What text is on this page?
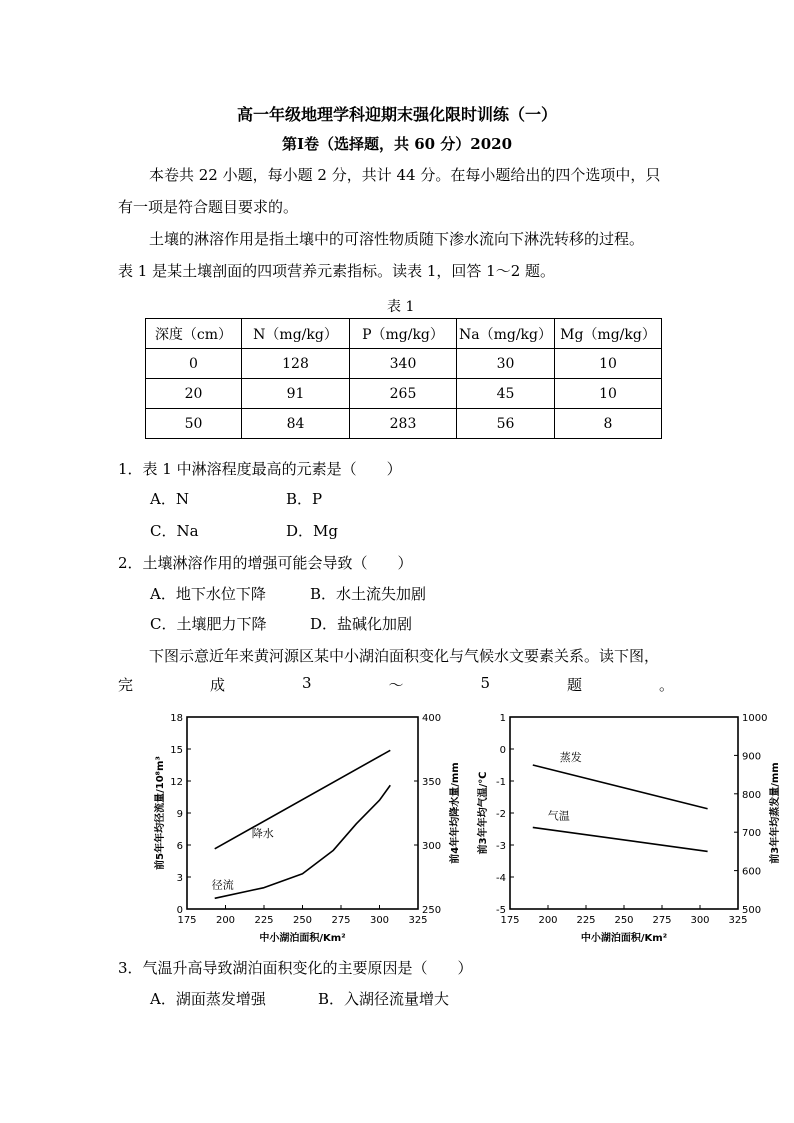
高一年级地理学科迎期末强化限时训练（一）
第Ⅰ卷（选择题，共 60 分）2020
本卷共 22 小题，每小题 2 分，共计 44 分。在每小题给出的四个选项中，只
有一项是符合题目要求的。
土壤的淋溶作用是指土壤中的可溶性物质随下渗水流向下淋洗转移的过程。
表 1 是某土壤剖面的四项营养元素指标。读表 1，回答 1～2 题。
表 1
深度（cm）	N（mg/kg）	P（mg/kg）	Na（mg/kg）	Mg（mg/kg）
0	128	340	30	10
20	91	265	45	10
50	84	283	56	8
1．表 1 中淋溶程度最高的元素是（　　）
A．N	B．P
C．Na	D．Mg
2．土壤淋溶作用的增强可能会导致（　　）
A．地下水位下降	B．水土流失加剧
C．土壤肥力下降	D．盐碱化加剧
下图示意近年来黄河源区某中小湖泊面积变化与气候水文要素关系。读下图，
完	成	3	～	5	题	。
175 200 225 250 275 300 325
0
3
6
9
12
15
18
250
300
350
400
中小湖泊面积/Km²
前5年年均径流量/10⁸m³	前4年年均降水量/mm
降水
径流
175 200 225 250 275 300 325
-5
-4
-3
-2
-1
0
1
500
600
700
800
900
1000
中小湖泊面积/Km²
前3年年均气温/℃	前3年年均蒸发量/mm
蒸发
气温
3．气温升高导致湖泊面积变化的主要原因是（　　）
A．湖面蒸发增强	B．入湖径流量增大
